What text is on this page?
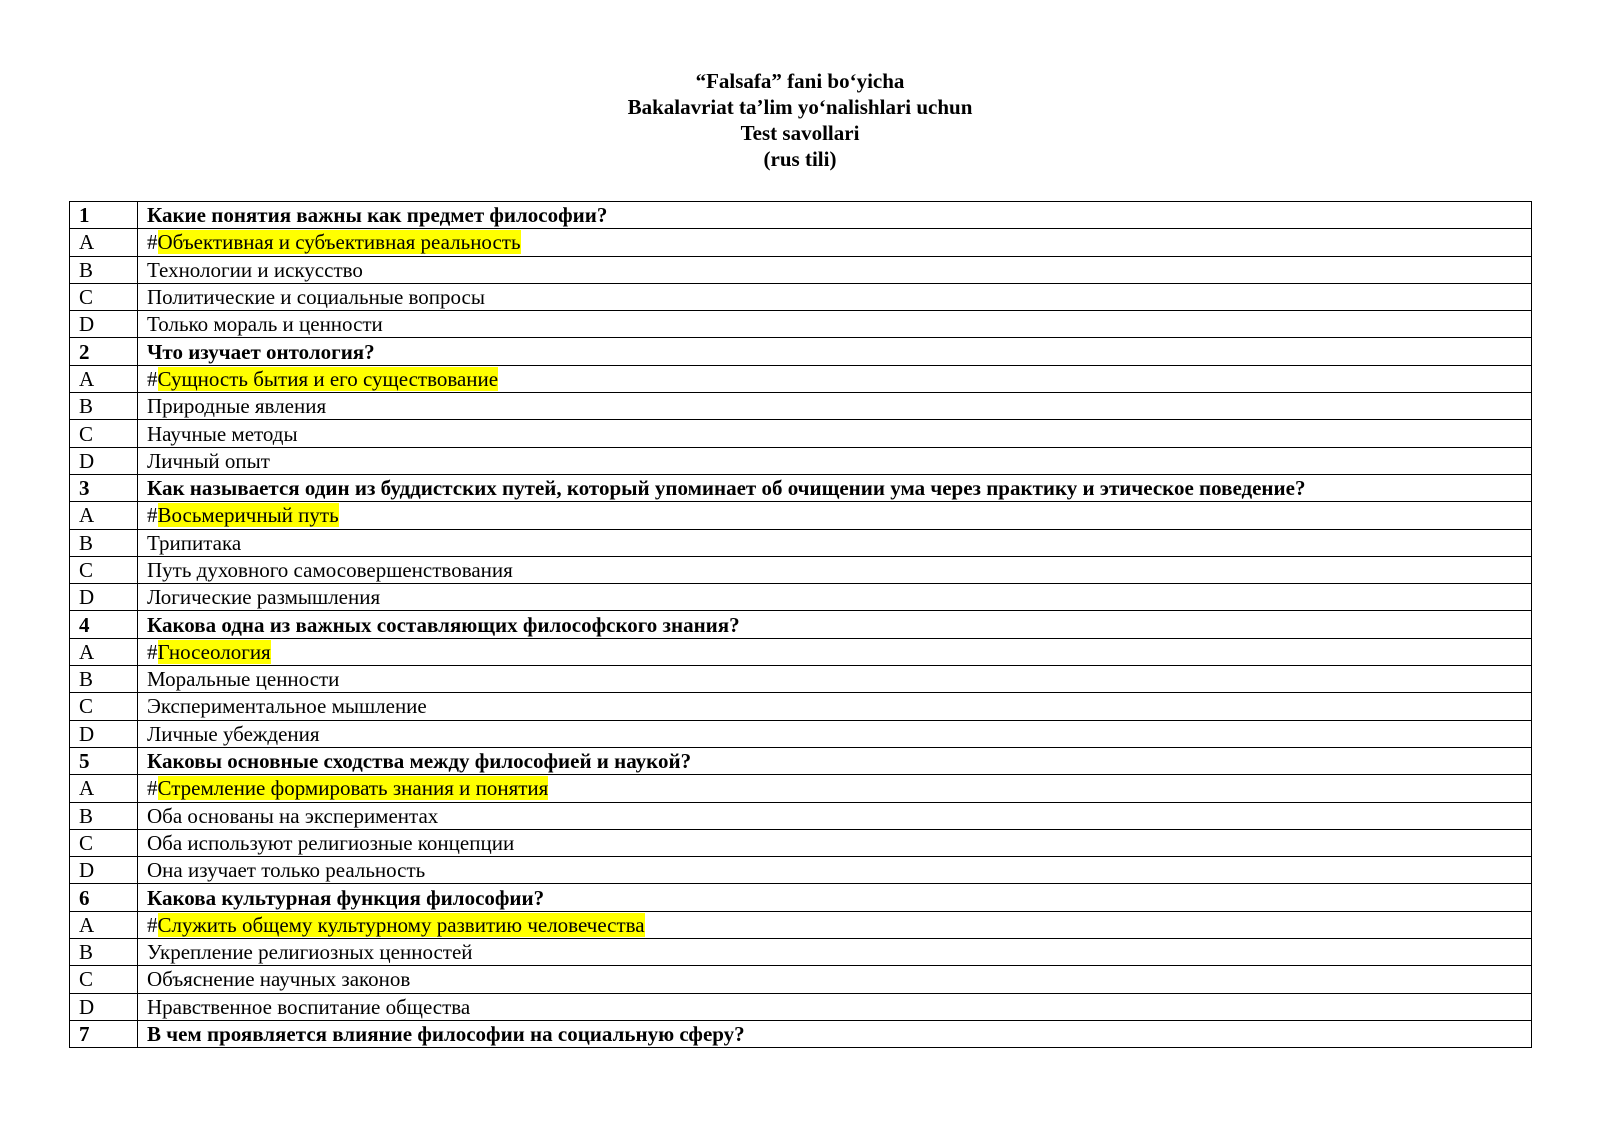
“Falsafa” fani bo‘yicha
Bakalavriat ta’lim yo‘nalishlari uchun
Test savollari
(rus tili)
1	Какие понятия важны как предмет философии?
A	#Объективная и субъективная реальность
B	Технологии и искусство
C	Политические и социальные вопросы
D	Только мораль и ценности
2	Что изучает онтология?
A	#Сущность бытия и его существование
B	Природные явления
C	Научные методы
D	Личный опыт
3	Как называется один из буддистских путей, который упоминает об очищении ума через практику и этическое поведение?
A	#Восьмеричный путь
B	Трипитака
C	Путь духовного самосовершенствования
D	Логические размышления
4	Какова одна из важных составляющих философского знания?
A	#Гносеология
B	Моральные ценности
C	Экспериментальное мышление
D	Личные убеждения
5	Каковы основные сходства между философией и наукой?
A	#Стремление формировать знания и понятия
B	Оба основаны на экспериментах
C	Оба используют религиозные концепции
D	Она изучает только реальность
6	Какова культурная функция философии?
A	#Служить общему культурному развитию человечества
B	Укрепление религиозных ценностей
C	Объяснение научных законов
D	Нравственное воспитание общества
7	В чем проявляется влияние философии на социальную сферу?
